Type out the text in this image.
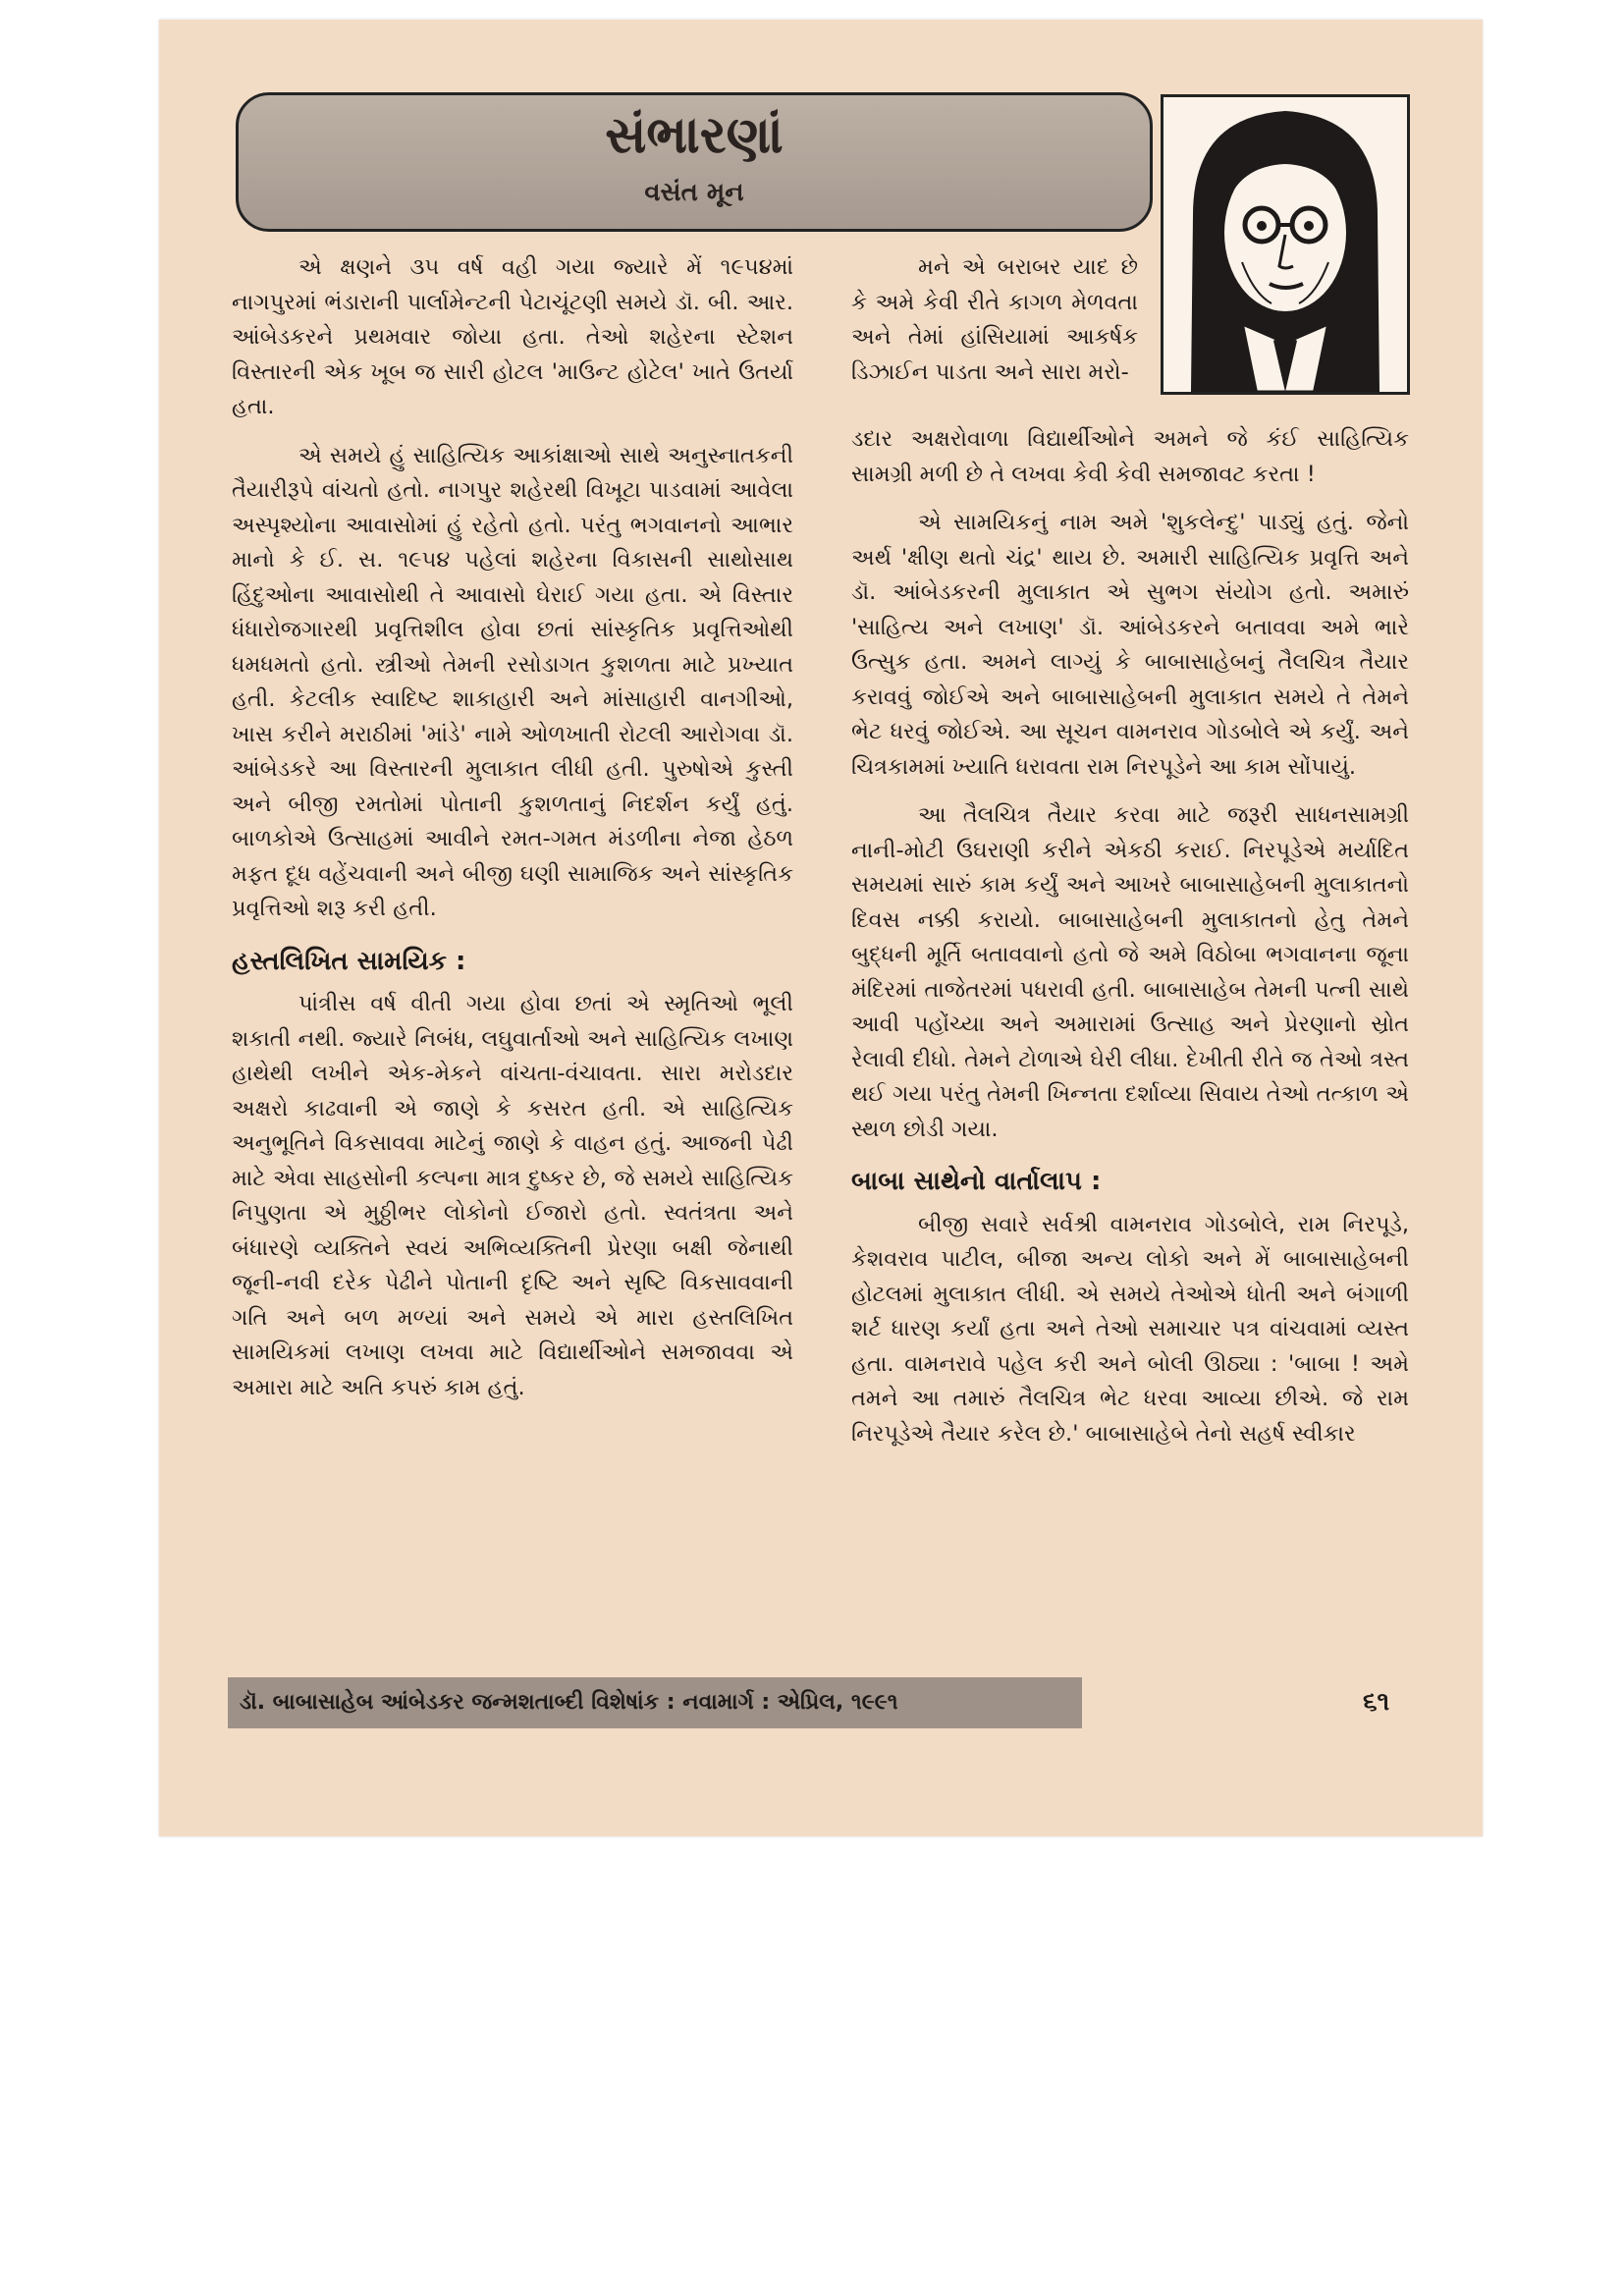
સંભારણાં
વસંત મૂન

એ ક્ષણને ૩૫ વર્ષ વહી ગયા જ્યારે મેં ૧૯૫૪માં નાગપુરમાં ભંડારાની પાર્લામેન્ટની પેટાચૂંટણી સમયે ડૉ. બી. આર. આંબેડકરને પ્રથમવાર જોયા હતા. તેઓ શહેરના સ્ટેશન વિસ્તારની એક ખૂબ જ સારી હોટલ 'માઉન્ટ હોટેલ' ખાતે ઉતર્યા હતા.

એ સમયે હું સાહિત્યિક આકાંક્ષાઓ સાથે અનુસ્નાતકની તૈયારીરૂપે વાંચતો હતો. નાગપુર શહેરથી વિખૂટા પાડવામાં આવેલા અસ્પૃશ્યોના આવાસોમાં હું રહેતો હતો. પરંતુ ભગવાનનો આભાર માનો કે ઈ. સ. ૧૯૫૪ પહેલાં શહેરના વિકાસની સાથોસાથ હિંદુઓના આવાસોથી તે આવાસો ઘેરાઈ ગયા હતા. એ વિસ્તાર ધંધારોજગારથી પ્રવૃત્તિશીલ હોવા છતાં સાંસ્કૃતિક પ્રવૃત્તિઓથી ધમધમતો હતો. સ્ત્રીઓ તેમની રસોડાગત કુશળતા માટે પ્રખ્યાત હતી. કેટલીક સ્વાદિષ્ટ શાકાહારી અને માંસાહારી વાનગીઓ, ખાસ કરીને મરાઠીમાં 'માંડે' નામે ઓળખાતી રોટલી આરોગવા ડૉ. આંબેડકરે આ વિસ્તારની મુલાકાત લીધી હતી. પુરુષોએ કુસ્તી અને બીજી રમતોમાં પોતાની કુશળતાનું નિદર્શન કર્યું હતું. બાળકોએ ઉત્સાહમાં આવીને રમત-ગમત મંડળીના નેજા હેઠળ મફત દૂધ વહેંચવાની અને બીજી ઘણી સામાજિક અને સાંસ્કૃતિક પ્રવૃત્તિઓ શરૂ કરી હતી.

હસ્તલિખિત સામયિક :

પાંત્રીસ વર્ષ વીતી ગયા હોવા છતાં એ સ્મૃતિઓ ભૂલી શકાતી નથી. જ્યારે નિબંધ, લઘુવાર્તાઓ અને સાહિત્યિક લખાણ હાથેથી લખીને એક-મેકને વાંચતા-વંચાવતા. સારા મરોડદાર અક્ષરો કાઢવાની એ જાણે કે કસરત હતી. એ સાહિત્યિક અનુભૂતિને વિકસાવવા માટેનું જાણે કે વાહન હતું. આજની પેઢી માટે એવા સાહસોની કલ્પના માત્ર દુષ્કર છે, જે સમયે સાહિત્યિક નિપુણતા એ મુઠ્ઠીભર લોકોનો ઈજારો હતો. સ્વતંત્રતા અને બંધારણે વ્યક્તિને સ્વયં અભિવ્યક્તિની પ્રેરણા બક્ષી જેનાથી જૂની-નવી દરેક પેઢીને પોતાની દૃષ્ટિ અને સૃષ્ટિ વિકસાવવાની ગતિ અને બળ મળ્યાં અને સમયે એ મારા હસ્તલિખિત સામયિકમાં લખાણ લખવા માટે વિદ્યાર્થીઓને સમજાવવા એ અમારા માટે અતિ કપરું કામ હતું.

મને એ બરાબર યાદ છે કે અમે કેવી રીતે કાગળ મેળવતા અને તેમાં હાંસિયામાં આકર્ષક ડિઝાઈન પાડતા અને સારા મરો-

ડદાર અક્ષરોવાળા વિદ્યાર્થીઓને અમને જે કંઈ સાહિત્યિક સામગ્રી મળી છે તે લખવા કેવી કેવી સમજાવટ કરતા !

એ સામયિકનું નામ અમે 'શુકલેન્દુ' પાડ્યું હતું. જેનો અર્થ 'ક્ષીણ થતો ચંદ્ર' થાય છે. અમારી સાહિત્યિક પ્રવૃત્તિ અને ડૉ. આંબેડકરની મુલાકાત એ સુભગ સંયોગ હતો. અમારું 'સાહિત્ય અને લખાણ' ડૉ. આંબેડકરને બતાવવા અમે ભારે ઉત્સુક હતા. અમને લાગ્યું કે બાબાસાહેબનું તૈલચિત્ર તૈયાર કરાવવું જોઈએ અને બાબાસાહેબની મુલાકાત સમયે તે તેમને ભેટ ધરવું જોઈએ. આ સૂચન વામનરાવ ગોડબોલે એ કર્યું. અને ચિત્રકામમાં ખ્યાતિ ધરાવતા રામ નિરપૂડેને આ કામ સોંપાયું.

આ તૈલચિત્ર તૈયાર કરવા માટે જરૂરી સાધનસામગ્રી નાની-મોટી ઉઘરાણી કરીને એકઠી કરાઈ. નિરપૂડેએ મર્યાદિત સમયમાં સારું કામ કર્યું અને આખરે બાબાસાહેબની મુલાકાતનો દિવસ નક્કી કરાયો. બાબાસાહેબની મુલાકાતનો હેતુ તેમને બુદ્ધની મૂર્તિ બતાવવાનો હતો જે અમે વિઠોબા ભગવાનના જૂના મંદિરમાં તાજેતરમાં પધરાવી હતી. બાબાસાહેબ તેમની પત્ની સાથે આવી પહોંચ્યા અને અમારામાં ઉત્સાહ અને પ્રેરણાનો સ્રોત રેલાવી દીધો. તેમને ટોળાએ ઘેરી લીધા. દેખીતી રીતે જ તેઓ ત્રસ્ત થઈ ગયા પરંતુ તેમની ખિન્નતા દર્શાવ્યા સિવાય તેઓ તત્કાળ એ સ્થળ છોડી ગયા.

બાબા સાથેનો વાર્તાલાપ :

બીજી સવારે સર્વશ્રી વામનરાવ ગોડબોલે, રામ નિરપૂડે, કેશવરાવ પાટીલ, બીજા અન્ય લોકો અને મેં બાબાસાહેબની હોટલમાં મુલાકાત લીધી. એ સમયે તેઓએ ધોતી અને બંગાળી શર્ટ ધારણ કર્યાં હતા અને તેઓ સમાચાર પત્ર વાંચવામાં વ્યસ્ત હતા. વામનરાવે પહેલ કરી અને બોલી ઊઠ્યા : 'બાબા ! અમે તમને આ તમારું તૈલચિત્ર ભેટ ધરવા આવ્યા છીએ. જે રામ નિરપૂડેએ તૈયાર કરેલ છે.' બાબાસાહેબે તેનો સહર્ષ સ્વીકાર

ડૉ. બાબાસાહેબ આંબેડકર જન્મશતાબ્દી વિશેષાંક : નવામાર્ગ : એપ્રિલ, ૧૯૯૧	૬૧
